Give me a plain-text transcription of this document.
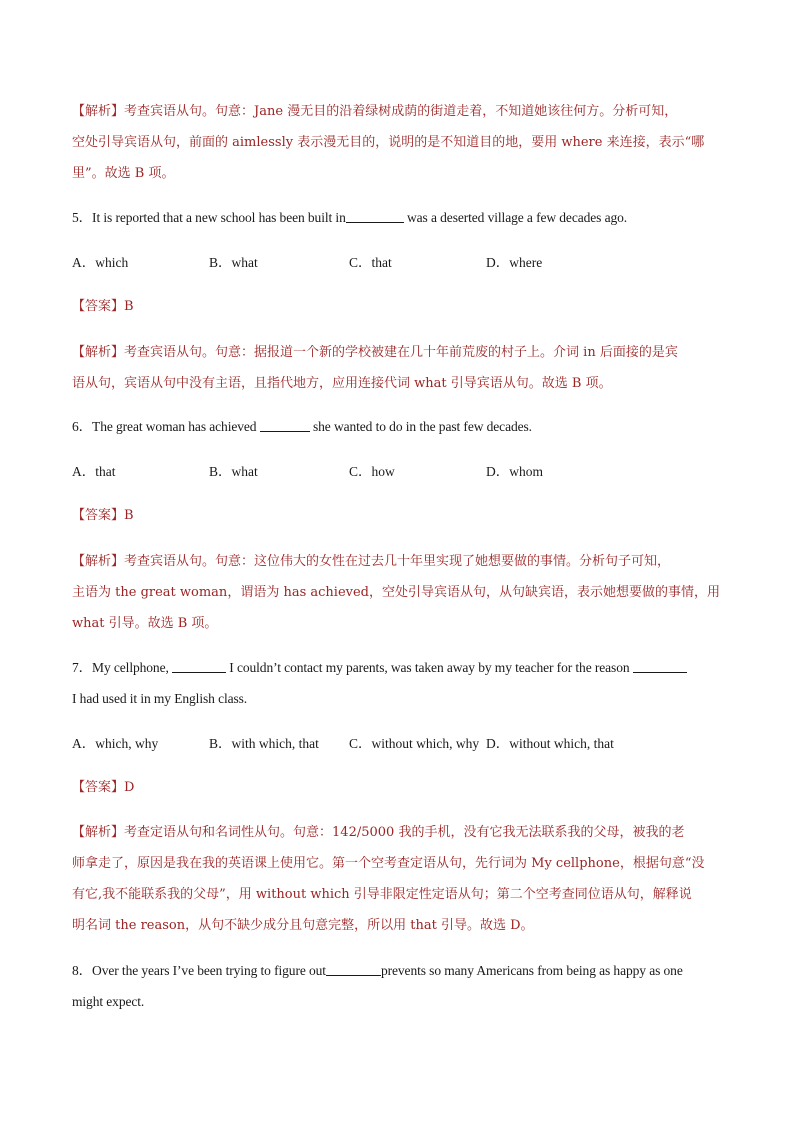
【解析】考查宾语从句。句意：Jane 漫无目的沿着绿树成荫的街道走着，不知道她该往何方。分析可知，
空处引导宾语从句，前面的 aimlessly 表示漫无目的，说明的是不知道目的地，要用 where 来连接，表示“哪
里”。故选 B 项。
5．It is reported that a new school has been built in	was a deserted village a few decades ago.
A．which	B．what	C．that	D．where
【答案】B
【解析】考查宾语从句。句意：据报道一个新的学校被建在几十年前荒废的村子上。介词 in 后面接的是宾
语从句，宾语从句中没有主语，且指代地方，应用连接代词 what 引导宾语从句。故选 B 项。
6．The great woman has achieved	she wanted to do in the past few decades.
A．that	B．what	C．how	D．whom
【答案】B
【解析】考查宾语从句。句意：这位伟大的女性在过去几十年里实现了她想要做的事情。分析句子可知，
主语为 the great woman，谓语为 has achieved，空处引导宾语从句，从句缺宾语，表示她想要做的事情，用
what 引导。故选 B 项。
7．My cellphone,	I couldn’t contact my parents, was taken away by my teacher for the reason
I had used it in my English class.
A．which, why	B．with which, that C．without which, why D．without which, that
【答案】D
【解析】考查定语从句和名词性从句。句意：142/5000 我的手机，没有它我无法联系我的父母，被我的老
师拿走了，原因是我在我的英语课上使用它。第一个空考查定语从句，先行词为 My cellphone，根据句意“没
有它,我不能联系我的父母”，用 without which 引导非限定性定语从句；第二个空考查同位语从句，解释说
明名词 the reason，从句不缺少成分且句意完整，所以用 that 引导。故选 D。
8．Over the years I’ve been trying to figure out	prevents so many Americans from being as happy as one
might expect.
